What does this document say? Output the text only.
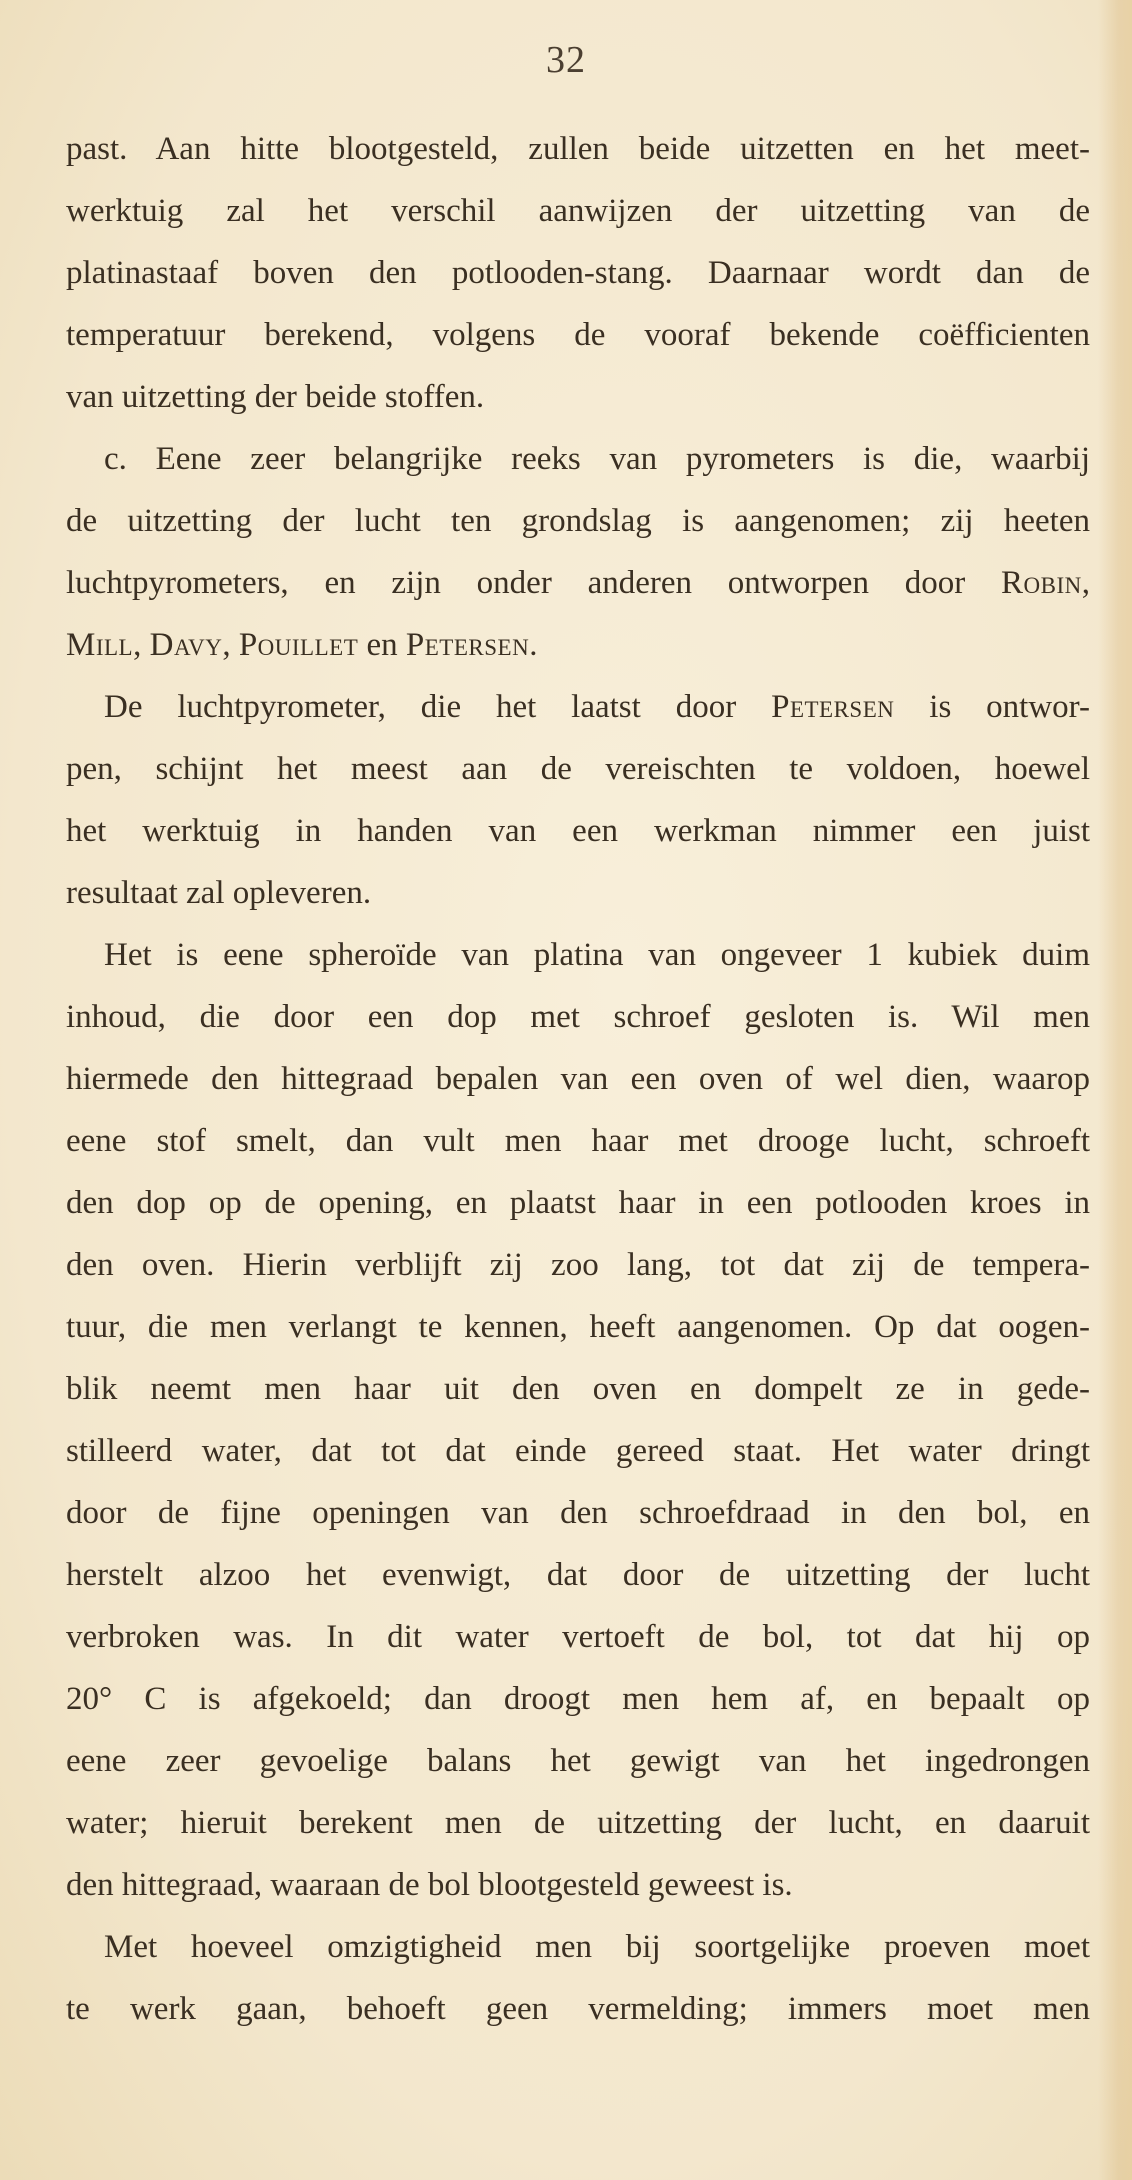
32
past. Aan hitte blootgesteld, zullen beide uitzetten en het meet-
werktuig zal het verschil aanwijzen der uitzetting van de
platinastaaf boven den potlooden-stang. Daarnaar wordt dan de
temperatuur berekend, volgens de vooraf bekende coëfficienten
van uitzetting der beide stoffen.
c. Eene zeer belangrijke reeks van pyrometers is die, waarbij
de uitzetting der lucht ten grondslag is aangenomen; zij heeten
luchtpyrometers, en zijn onder anderen ontworpen door Robin,
Mill, Davy, Pouillet en Petersen.
De luchtpyrometer, die het laatst door Petersen is ontwor-
pen, schijnt het meest aan de vereischten te voldoen, hoewel
het werktuig in handen van een werkman nimmer een juist
resultaat zal opleveren.
Het is eene spheroïde van platina van ongeveer 1 kubiek duim
inhoud, die door een dop met schroef gesloten is. Wil men
hiermede den hittegraad bepalen van een oven of wel dien, waarop
eene stof smelt, dan vult men haar met drooge lucht, schroeft
den dop op de opening, en plaatst haar in een potlooden kroes in
den oven. Hierin verblijft zij zoo lang, tot dat zij de tempera-
tuur, die men verlangt te kennen, heeft aangenomen. Op dat oogen-
blik neemt men haar uit den oven en dompelt ze in gede-
stilleerd water, dat tot dat einde gereed staat. Het water dringt
door de fijne openingen van den schroefdraad in den bol, en
herstelt alzoo het evenwigt, dat door de uitzetting der lucht
verbroken was. In dit water vertoeft de bol, tot dat hij op
20° C is afgekoeld; dan droogt men hem af, en bepaalt op
eene zeer gevoelige balans het gewigt van het ingedrongen
water; hieruit berekent men de uitzetting der lucht, en daaruit
den hittegraad, waaraan de bol blootgesteld geweest is.
Met hoeveel omzigtigheid men bij soortgelijke proeven moet
te werk gaan, behoeft geen vermelding; immers moet men
